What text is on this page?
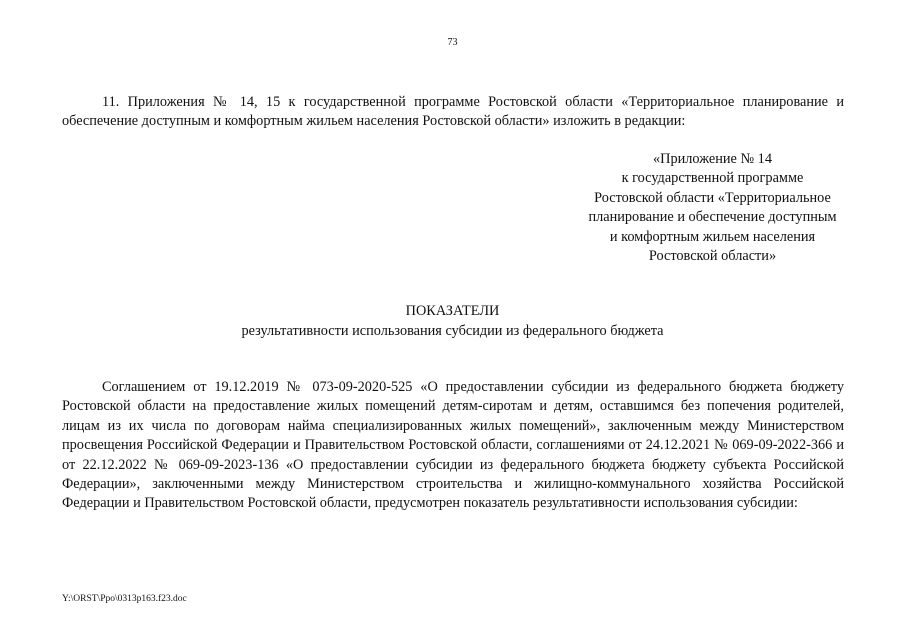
73

11. Приложения № 14, 15 к государственной программе Ростовской области «Территориальное планирование и обеспечение доступным и комфортным жильем населения Ростовской области» изложить в редакции:

«Приложение № 14
к государственной программе
Ростовской области «Территориальное
планирование и обеспечение доступным
и комфортным жильем населения
Ростовской области»
ПОКАЗАТЕЛИ
результативности использования субсидии из федерального бюджета

Соглашением от 19.12.2019 № 073-09-2020-525 «О предоставлении субсидии из федерального бюджета бюджету Ростовской области на предоставление жилых помещений детям-сиротам и детям, оставшимся без попечения родителей, лицам из их числа по договорам найма специализированных жилых помещений», заключенным между Министерством просвещения Российской Федерации и Правительством Ростовской области, соглашениями от 24.12.2021 № 069-09-2022-366 и от 22.12.2022 № 069-09-2023-136 «О предоставлении субсидии из федерального бюджета бюджету субъекта Российской Федерации», заключенными между Министерством строительства и жилищно-коммунального хозяйства Российской Федерации и Правительством Ростовской области, предусмотрен показатель результативности использования субсидии:

Y:\ORST\Ppo\0313p163.f23.doc
